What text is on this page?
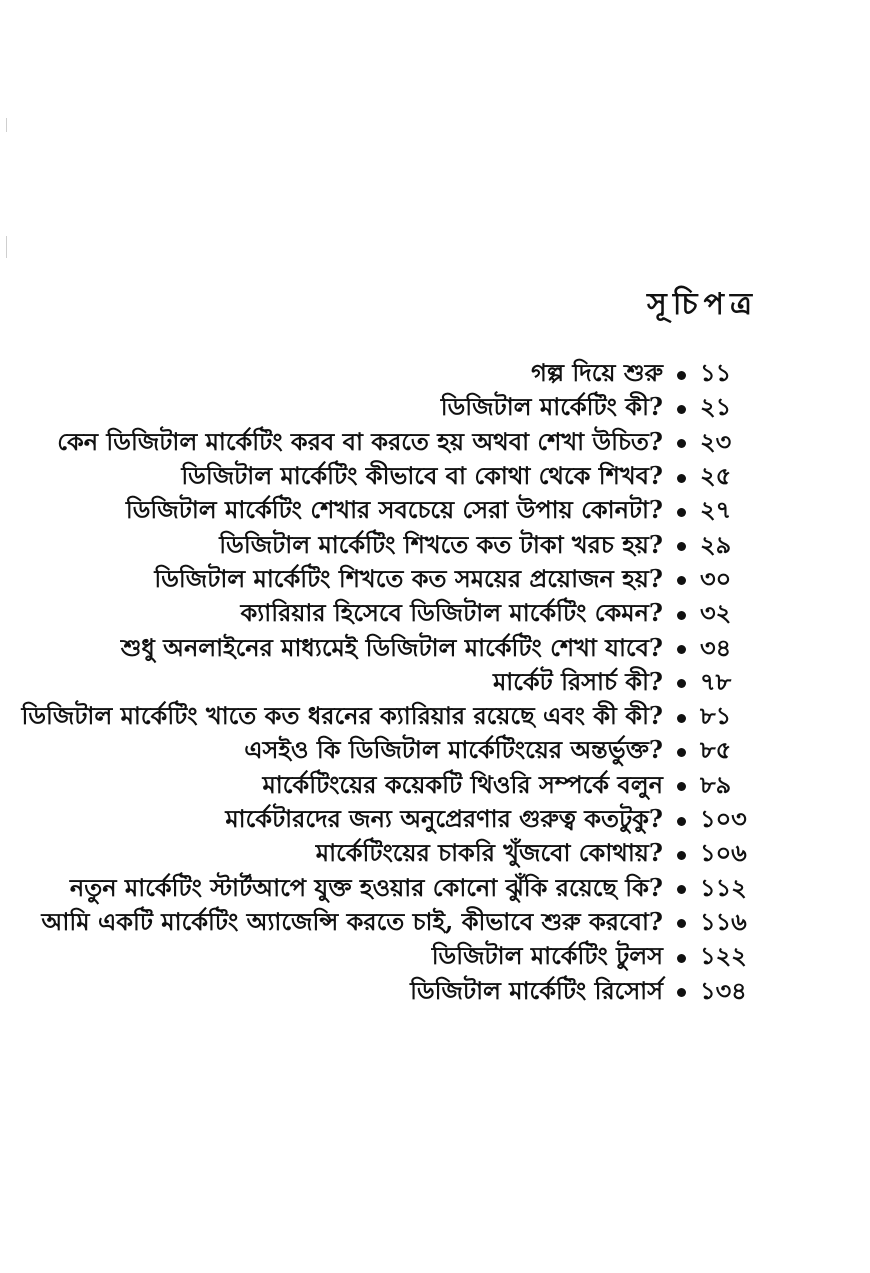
সূচিপত্র
গল্প দিয়ে শুরু ১১
ডিজিটাল মার্কেটিং কী? ২১
কেন ডিজিটাল মার্কেটিং করব বা করতে হয় অথবা শেখা উচিত? ২৩
ডিজিটাল মার্কেটিং কীভাবে বা কোথা থেকে শিখব? ২৫
ডিজিটাল মার্কেটিং শেখার সবচেয়ে সেরা উপায় কোনটা? ২৭
ডিজিটাল মার্কেটিং শিখতে কত টাকা খরচ হয়? ২৯
ডিজিটাল মার্কেটিং শিখতে কত সময়ের প্রয়োজন হয়? ৩০
ক্যারিয়ার হিসেবে ডিজিটাল মার্কেটিং কেমন? ৩২
শুধু অনলাইনের মাধ্যমেই ডিজিটাল মার্কেটিং শেখা যাবে? ৩৪
মার্কেট রিসার্চ কী? ৭৮
ডিজিটাল মার্কেটিং খাতে কত ধরনের ক্যারিয়ার রয়েছে এবং কী কী? ৮১
এসইও কি ডিজিটাল মার্কেটিংয়ের অন্তর্ভুক্ত? ৮৫
মার্কেটিংয়ের কয়েকটি থিওরি সম্পর্কে বলুন ৮৯
মার্কেটারদের জন্য অনুপ্রেরণার গুরুত্ব কতটুকু? ১০৩
মার্কেটিংয়ের চাকরি খুঁজবো কোথায়? ১০৬
নতুন মার্কেটিং স্টার্টআপে যুক্ত হওয়ার কোনো ঝুঁকি রয়েছে কি? ১১২
আমি একটি মার্কেটিং অ্যাজেন্সি করতে চাই, কীভাবে শুরু করবো? ১১৬
ডিজিটাল মার্কেটিং টুলস ১২২
ডিজিটাল মার্কেটিং রিসোর্স ১৩৪
